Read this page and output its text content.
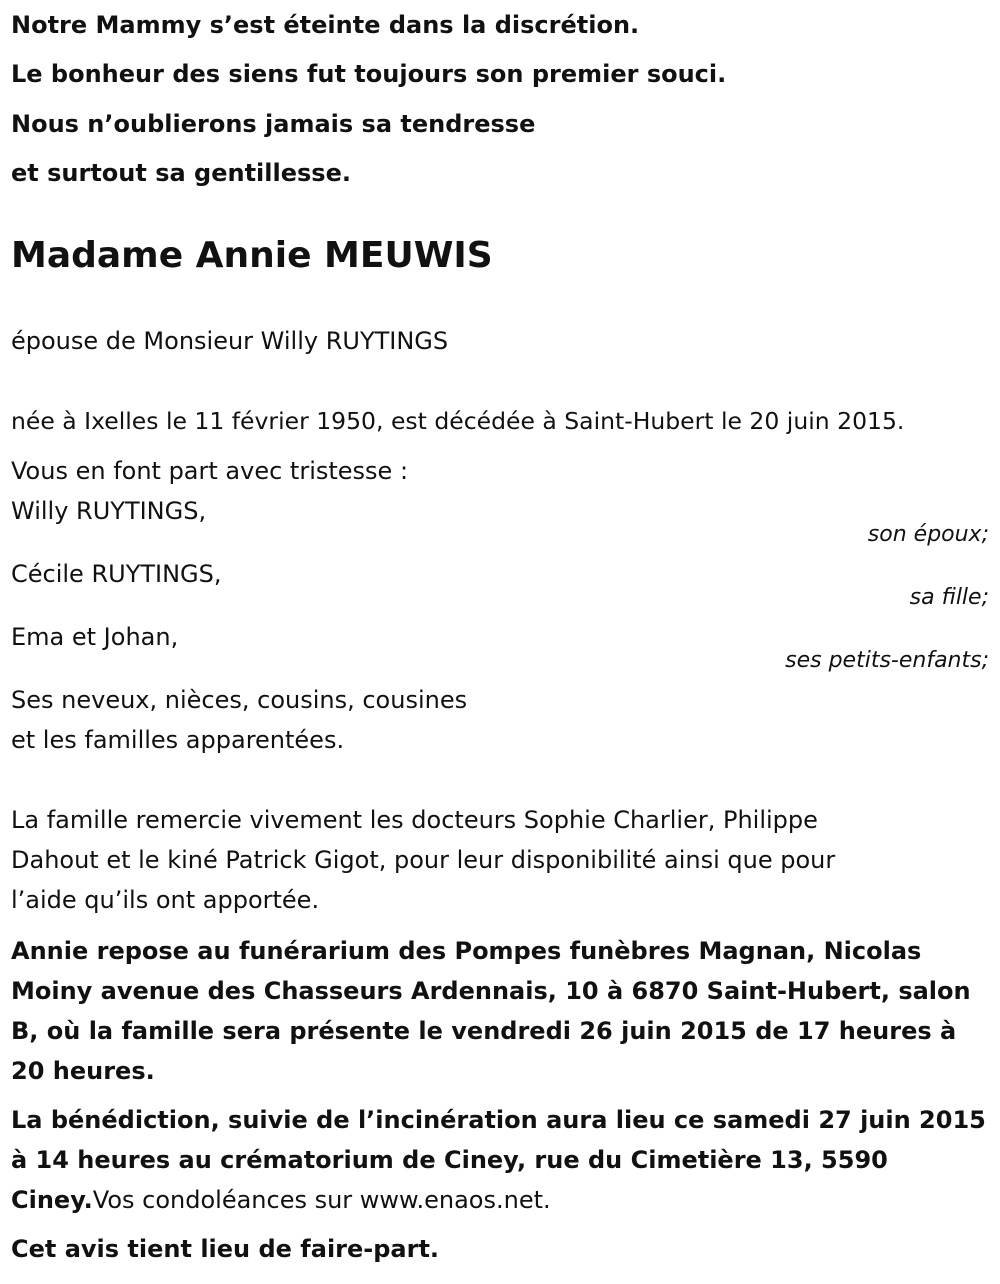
Notre Mammy s’est éteinte dans la discrétion.
Le bonheur des siens fut toujours son premier souci.
Nous n’oublierons jamais sa tendresse
et surtout sa gentillesse.
Madame Annie MEUWIS
épouse de Monsieur Willy RUYTINGS
née à Ixelles le 11 février 1950, est décédée à Saint-Hubert le 20 juin 2015.
Vous en font part avec tristesse :
Willy RUYTINGS,
son époux;
Cécile RUYTINGS,
sa fille;
Ema et Johan,
ses petits-enfants;
Ses neveux, nièces, cousins, cousines
et les familles apparentées.
La famille remercie vivement les docteurs Sophie Charlier, Philippe
Dahout et le kiné Patrick Gigot, pour leur disponibilité ainsi que pour
l’aide qu’ils ont apportée.
Annie repose au funérarium des Pompes funèbres Magnan, Nicolas
Moiny avenue des Chasseurs Ardennais, 10 à 6870 Saint-Hubert, salon
B, où la famille sera présente le vendredi 26 juin 2015 de 17 heures à
20 heures.
La bénédiction, suivie de l’incinération aura lieu ce samedi 27 juin 2015
à 14 heures au crématorium de Ciney, rue du Cimetière 13, 5590
Ciney.Vos condoléances sur www.enaos.net.
Cet avis tient lieu de faire-part.
